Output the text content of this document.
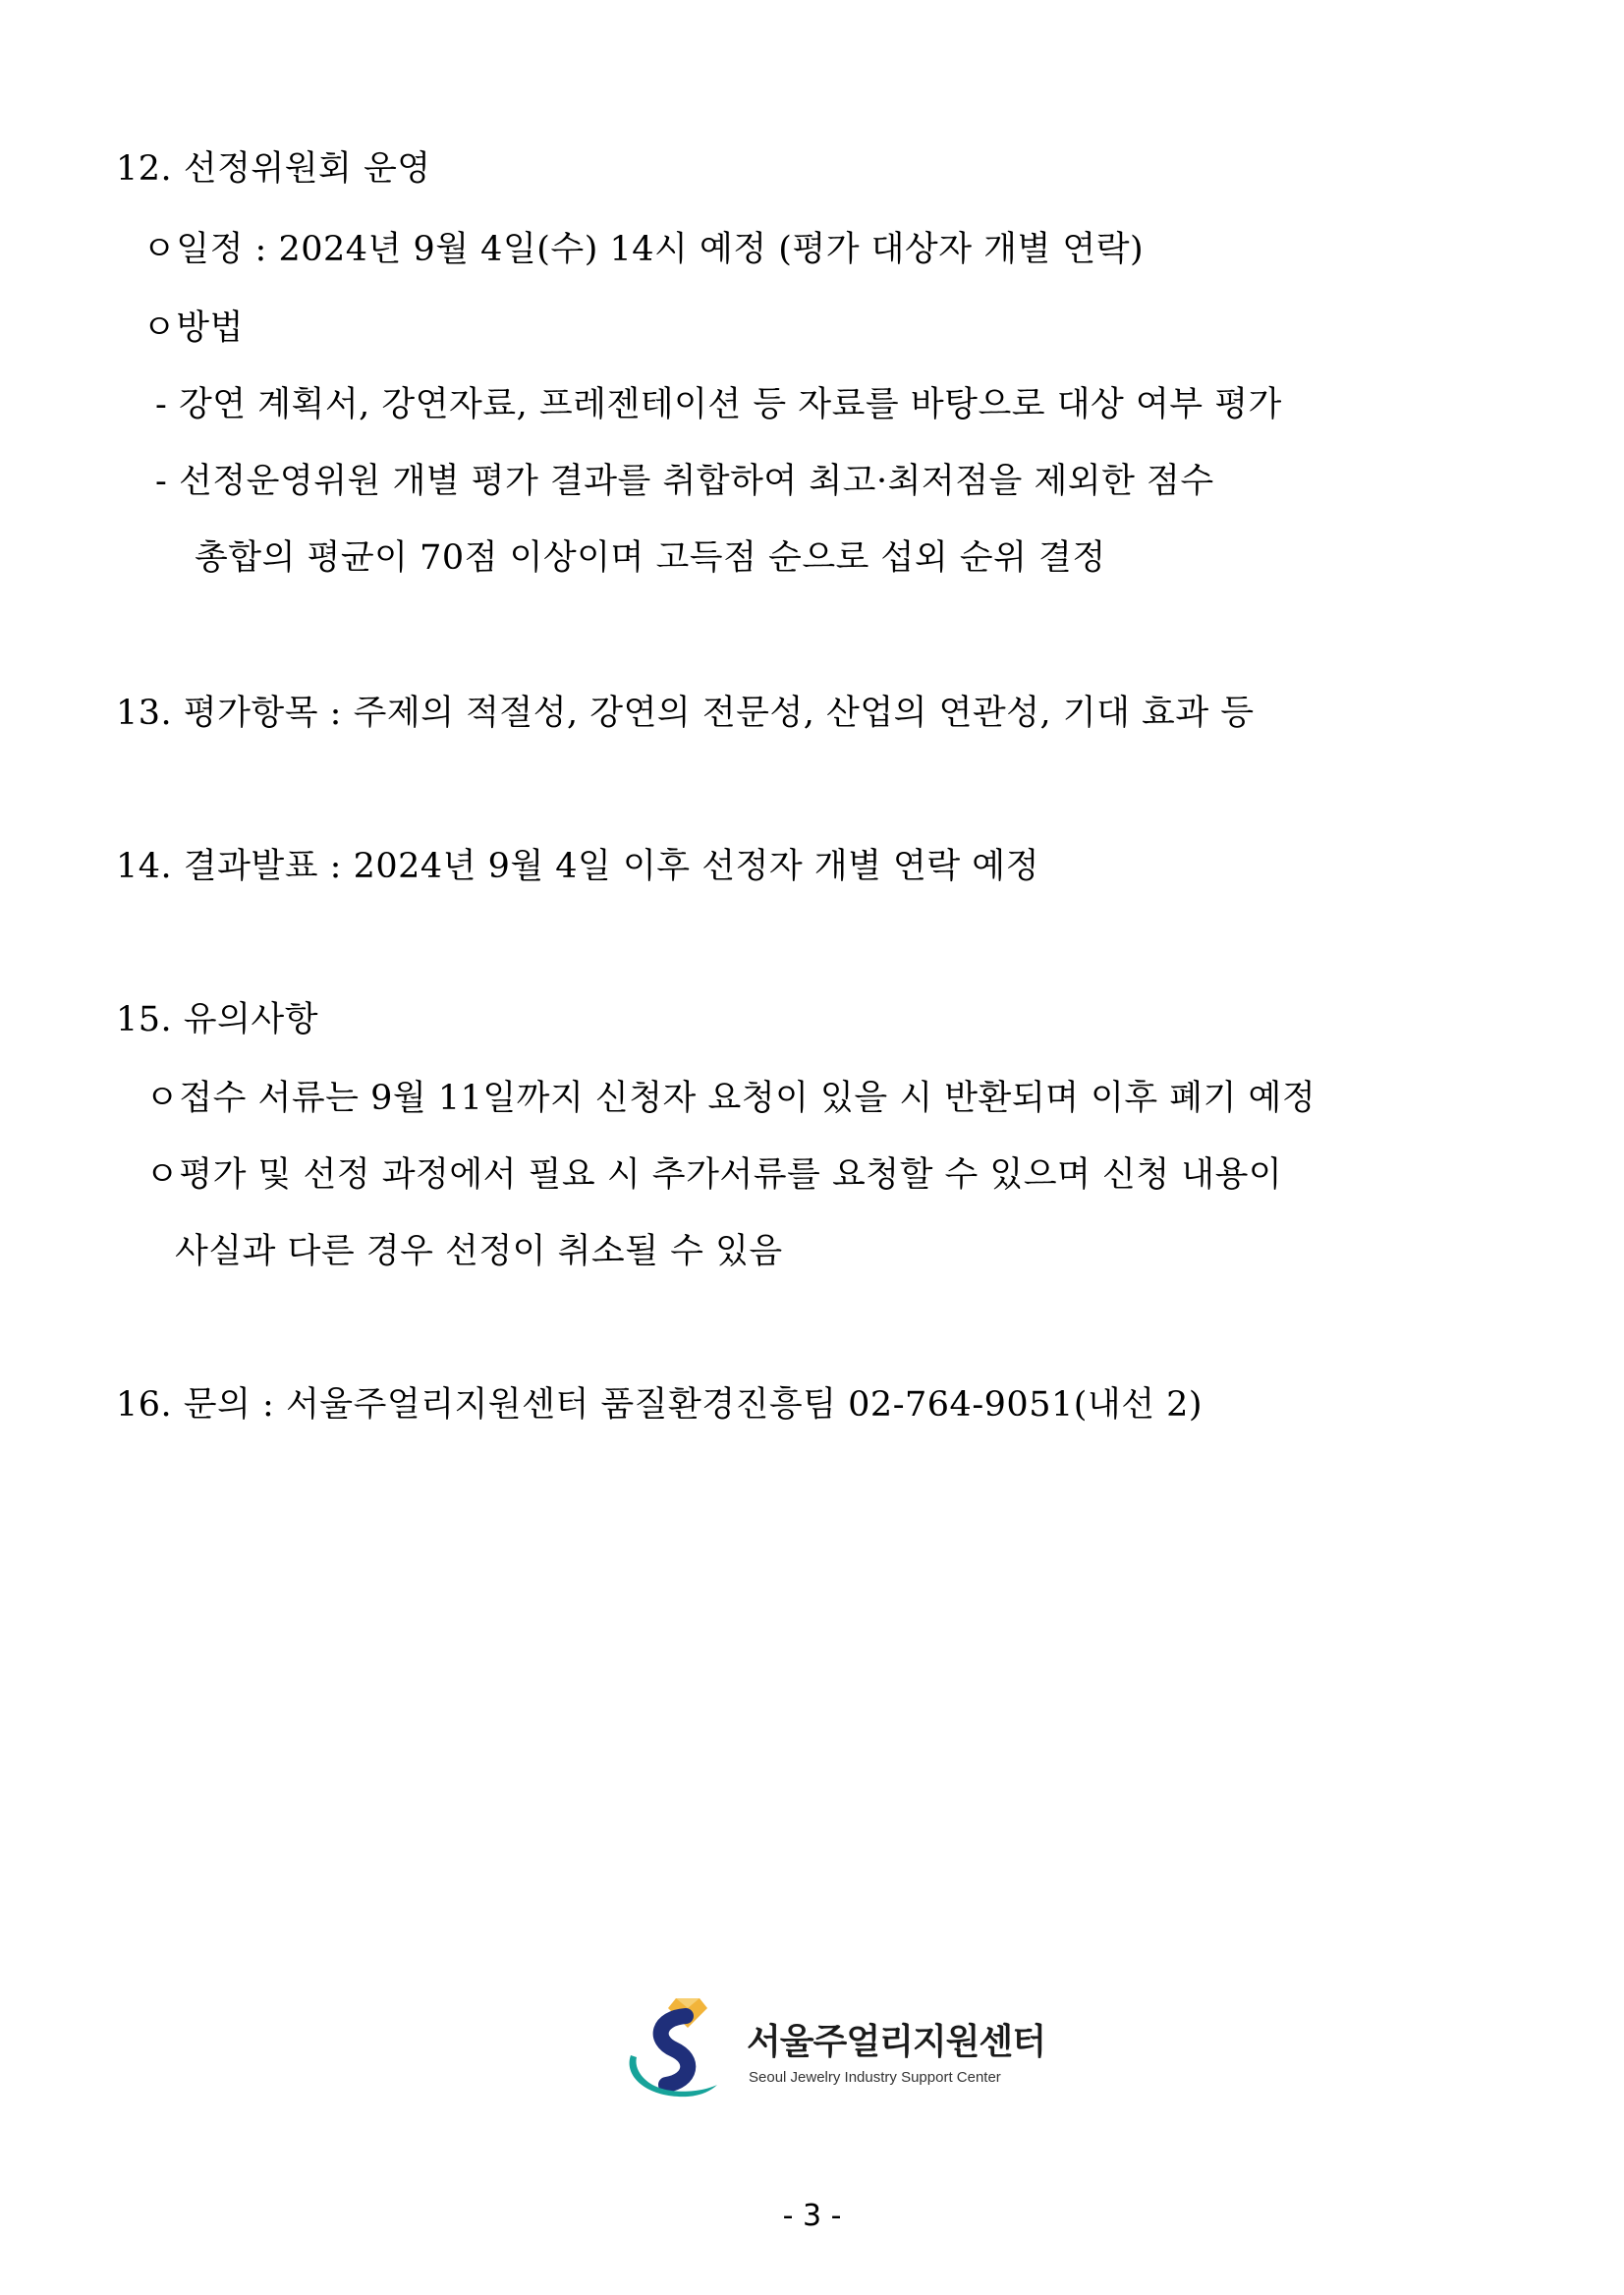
12. 선정위원회 운영
ㅇ일정 : 2024년 9월 4일(수) 14시 예정 (평가 대상자 개별 연락)
ㅇ방법
- 강연 계획서, 강연자료, 프레젠테이션 등 자료를 바탕으로 대상 여부 평가
- 선정운영위원 개별 평가 결과를 취합하여 최고·최저점을 제외한 점수
총합의 평균이 70점 이상이며 고득점 순으로 섭외 순위 결정
13. 평가항목 : 주제의 적절성, 강연의 전문성, 산업의 연관성, 기대 효과 등
14. 결과발표 : 2024년 9월 4일 이후 선정자 개별 연락 예정
15. 유의사항
ㅇ접수 서류는 9월 11일까지 신청자 요청이 있을 시 반환되며 이후 폐기 예정
ㅇ평가 및 선정 과정에서 필요 시 추가서류를 요청할 수 있으며 신청 내용이
사실과 다른 경우 선정이 취소될 수 있음
16. 문의 : 서울주얼리지원센터 품질환경진흥팀 02-764-9051(내선 2)
서울주얼리지원센터
Seoul Jewelry Industry Support Center
- 3 -
